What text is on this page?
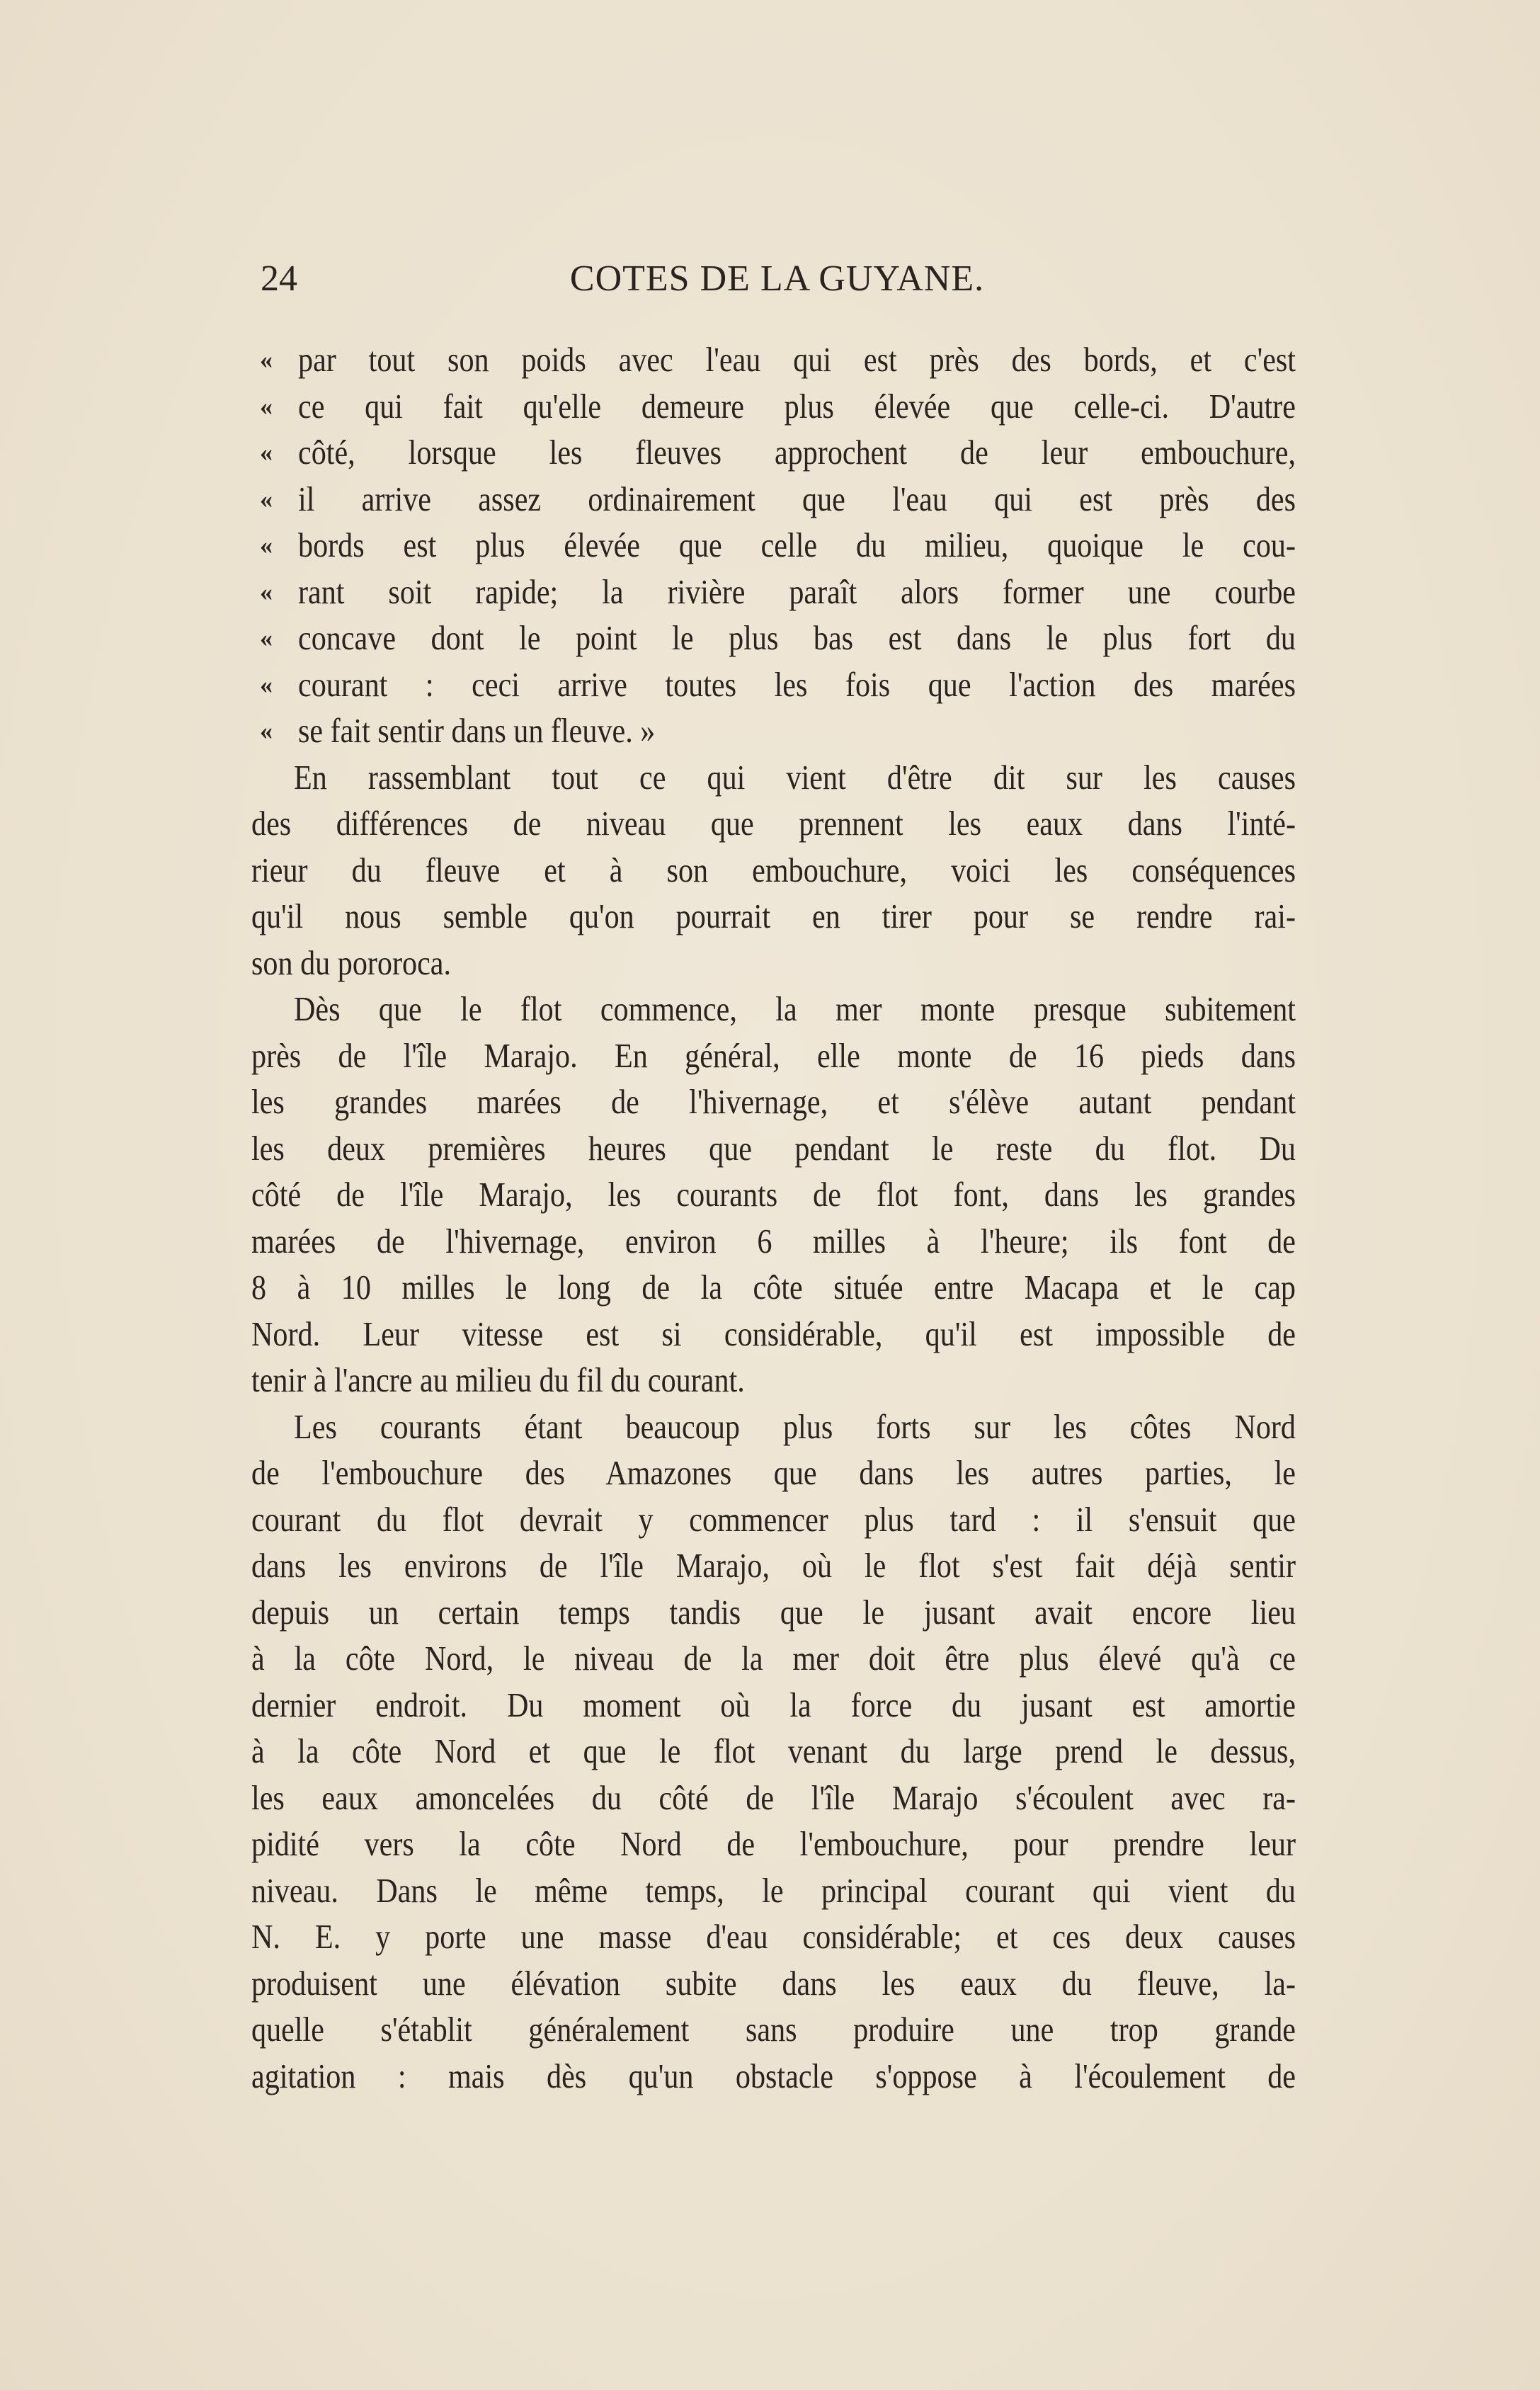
24	COTES DE LA GUYANE.
« par tout son poids avec l'eau qui est près des bords, et c'est
« ce qui fait qu'elle demeure plus élevée que celle-ci. D'autre
« côté, lorsque les fleuves approchent de leur embouchure,
« il arrive assez ordinairement que l'eau qui est près des
« bords est plus élevée que celle du milieu, quoique le cou-
« rant soit rapide; la rivière paraît alors former une courbe
« concave dont le point le plus bas est dans le plus fort du
« courant : ceci arrive toutes les fois que l'action des marées
« se fait sentir dans un fleuve. »
En rassemblant tout ce qui vient d'être dit sur les causes
des différences de niveau que prennent les eaux dans l'inté-
rieur du fleuve et à son embouchure, voici les conséquences
qu'il nous semble qu'on pourrait en tirer pour se rendre rai-
son du pororoca.
Dès que le flot commence, la mer monte presque subitement
près de l'île Marajo. En général, elle monte de 16 pieds dans
les grandes marées de l'hivernage, et s'élève autant pendant
les deux premières heures que pendant le reste du flot. Du
côté de l'île Marajo, les courants de flot font, dans les grandes
marées de l'hivernage, environ 6 milles à l'heure; ils font de
8 à 10 milles le long de la côte située entre Macapa et le cap
Nord. Leur vitesse est si considérable, qu'il est impossible de
tenir à l'ancre au milieu du fil du courant.
Les courants étant beaucoup plus forts sur les côtes Nord
de l'embouchure des Amazones que dans les autres parties, le
courant du flot devrait y commencer plus tard : il s'ensuit que
dans les environs de l'île Marajo, où le flot s'est fait déjà sentir
depuis un certain temps tandis que le jusant avait encore lieu
à la côte Nord, le niveau de la mer doit être plus élevé qu'à ce
dernier endroit. Du moment où la force du jusant est amortie
à la côte Nord et que le flot venant du large prend le dessus,
les eaux amoncelées du côté de l'île Marajo s'écoulent avec ra-
pidité vers la côte Nord de l'embouchure, pour prendre leur
niveau. Dans le même temps, le principal courant qui vient du
N. E. y porte une masse d'eau considérable; et ces deux causes
produisent une élévation subite dans les eaux du fleuve, la-
quelle s'établit généralement sans produire une trop grande
agitation : mais dès qu'un obstacle s'oppose à l'écoulement de
